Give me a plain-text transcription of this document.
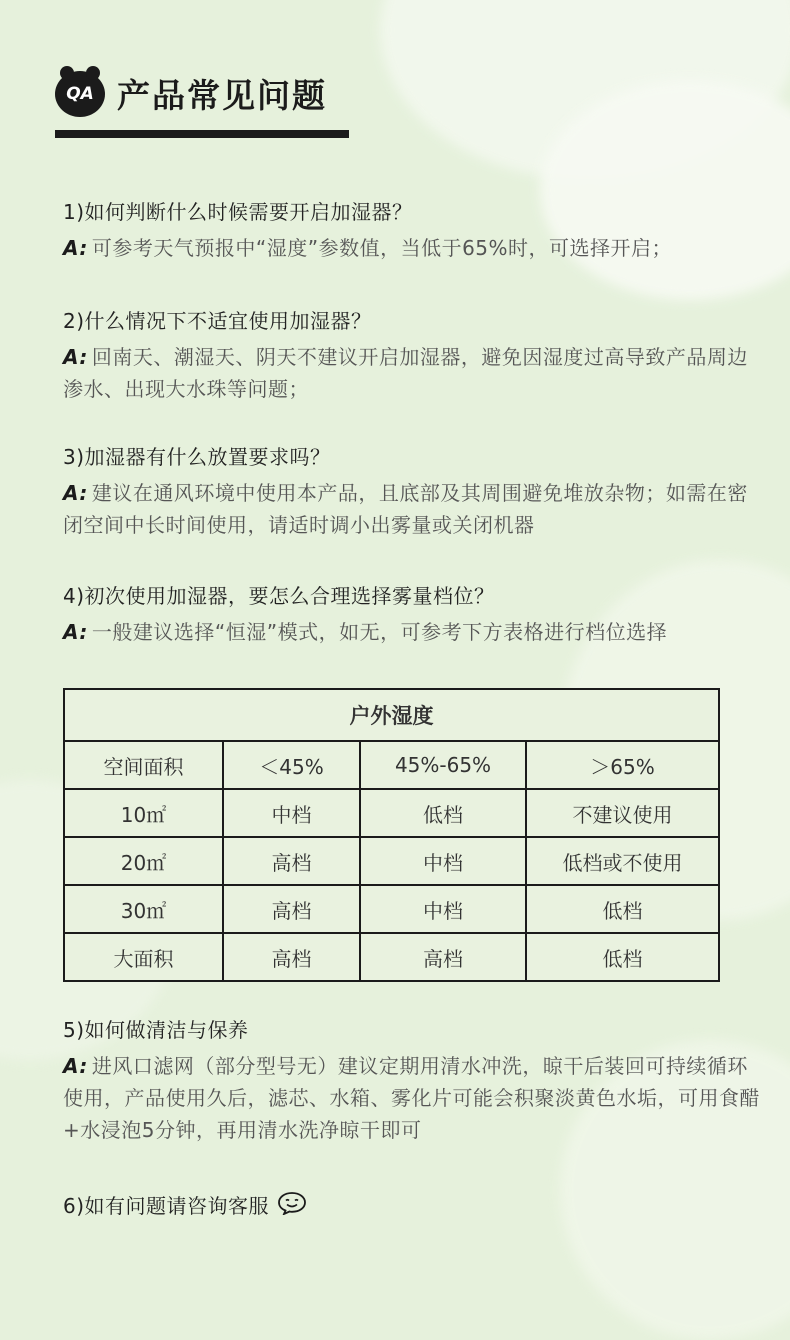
QA 产品常见问题
1)如何判断什么时候需要开启加湿器？
A: 可参考天气预报中“湿度”参数值，当低于65%时，可选择开启；
2)什么情况下不适宜使用加湿器？
A: 回南天、潮湿天、阴天不建议开启加湿器，避免因湿度过高导致产品周边渗水、出现大水珠等问题；
3)加湿器有什么放置要求吗？
A: 建议在通风环境中使用本产品，且底部及其周围避免堆放杂物；如需在密闭空间中长时间使用，请适时调小出雾量或关闭机器
4)初次使用加湿器，要怎么合理选择雾量档位？
A: 一般建议选择“恒湿”模式，如无，可参考下方表格进行档位选择
户外湿度			
空间面积	＜45%	45%-65%	＞65%
10㎡	中档	低档	不建议使用
20㎡	高档	中档	低档或不使用
30㎡	高档	中档	低档
大面积	高档	高档	低档
5)如何做清洁与保养
A: 进风口滤网（部分型号无）建议定期用清水冲洗，晾干后装回可持续循环使用，产品使用久后，滤芯、水箱、雾化片可能会积聚淡黄色水垢，可用食醋+水浸泡5分钟，再用清水洗净晾干即可
6)如有问题请咨询客服
